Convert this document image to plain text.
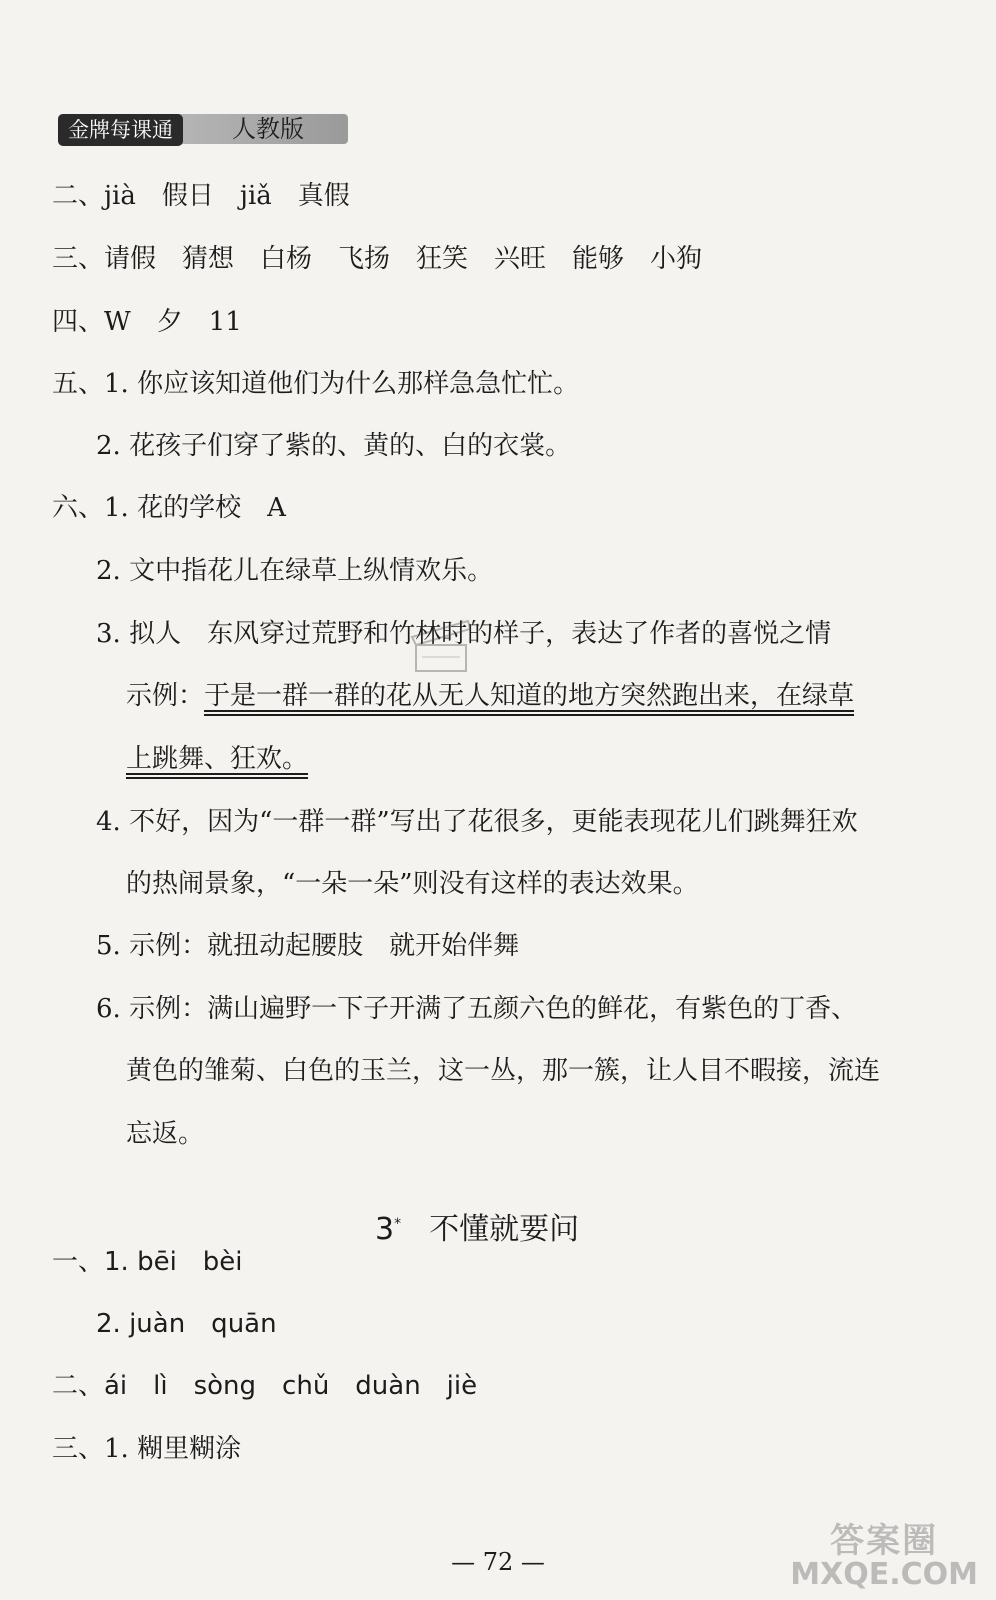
金牌每课通	人教版
二、jià　假日　jiǎ　真假
三、请假　猜想　白杨　飞扬　狂笑　兴旺　能够　小狗
四、W　夕　11
五、1. 你应该知道他们为什么那样急急忙忙。
2. 花孩子们穿了紫的、黄的、白的衣裳。
六、1. 花的学校　A
2. 文中指花儿在绿草上纵情欢乐。
3. 拟人　东风穿过荒野和竹林时的样子，表达了作者的喜悦之情
示例：于是一群一群的花从无人知道的地方突然跑出来，在绿草
上跳舞、狂欢。
4. 不好，因为“一群一群”写出了花很多，更能表现花儿们跳舞狂欢
的热闹景象，“一朵一朵”则没有这样的表达效果。
5. 示例：就扭动起腰肢　就开始伴舞
6. 示例：满山遍野一下子开满了五颜六色的鲜花，有紫色的丁香、
黄色的雏菊、白色的玉兰，这一丛，那一簇，让人目不暇接，流连
忘返。
3* 不懂就要问
一、1. bēi　bèi
2. juàn　quān
二、ái　lì　sòng　chǔ　duàn　jiè
三、1. 糊里糊涂
— 72 —
答案圈
MXQE.COM
